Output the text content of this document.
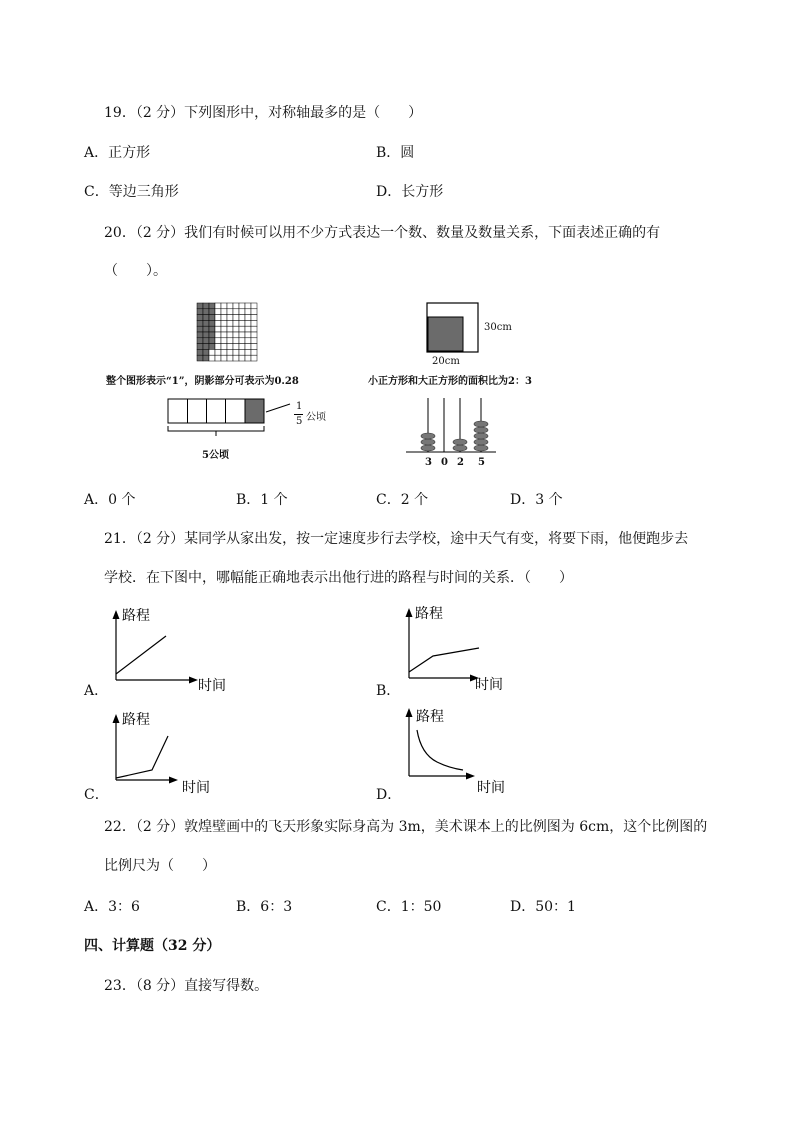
19．（2 分）下列图形中，对称轴最多的是（　　）
A．正方形	B．圆
C．等边三角形	D．长方形
20．（2 分）我们有时候可以用不少方式表达一个数、数量及数量关系，下面表述正确的有
（　　）。
整个图形表示“1”，阴影部分可表示为0.28
30cm
20cm
小正方形和大正方形的面积比为2：3
1
5 公顷
5公顷
3 0 2 5
A．0 个	B．1 个	C．2 个	D．3 个
21．（2 分）某同学从家出发，按一定速度步行去学校，途中天气有变，将要下雨，他便跑步去
学校．在下图中，哪幅能正确地表示出他行进的路程与时间的关系．（　　）
A．
路程
时间	B．
路程
时间
C．
路程
时间	D．
路程
时间
22．（2 分）敦煌壁画中的飞天形象实际身高为 3m，美术课本上的比例图为 6cm，这个比例图的
比例尺为（　　）
A．3：6	B．6：3	C．1：50	D．50：1
四、计算题（32 分）
23．（8 分）直接写得数。
